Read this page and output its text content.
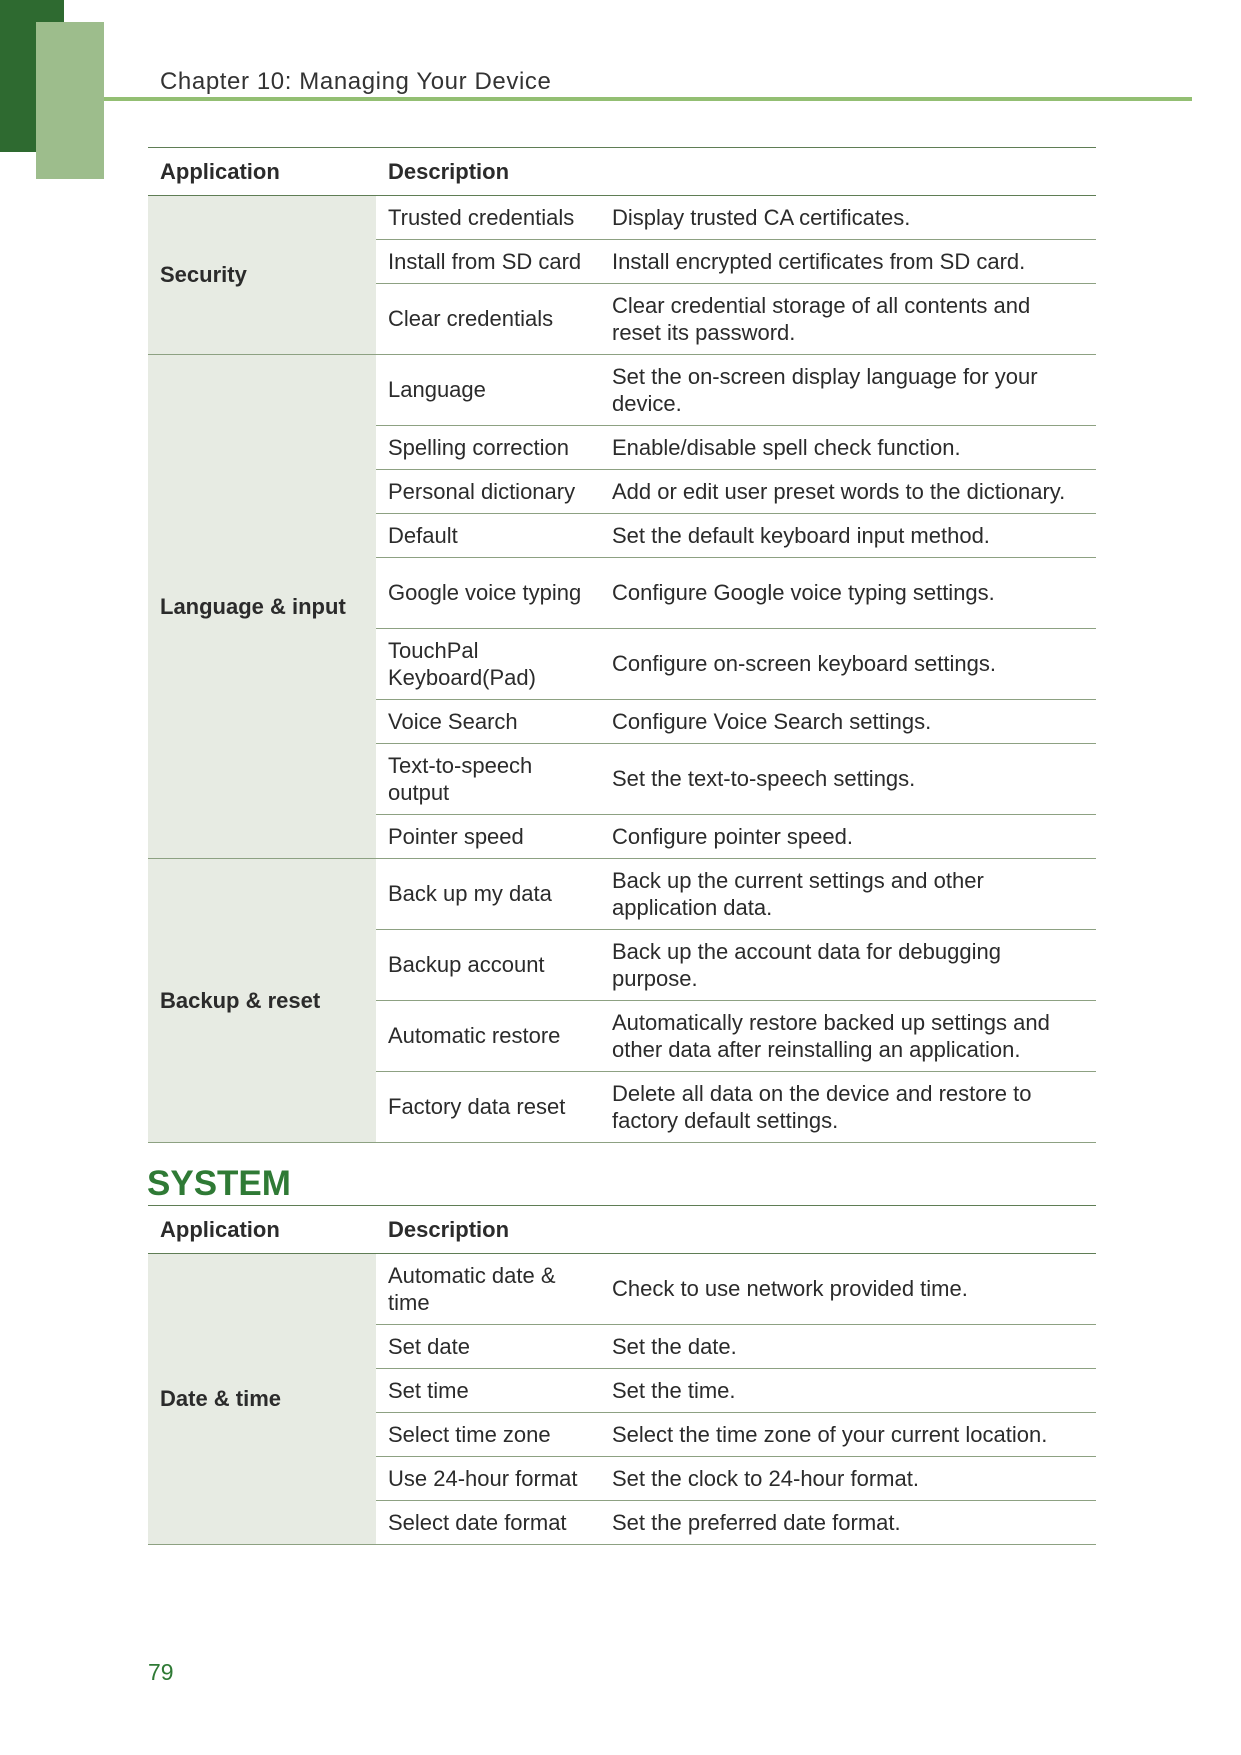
Chapter 10: Managing Your Device
Application	Description	
Security	Trusted credentials	Display trusted CA certificates.
	Install from SD card	Install encrypted certificates from SD card.
	Clear credentials	Clear credential storage of all contents and reset its password.
Language & input	Language	Set the on-screen display language for your device.
	Spelling correction	Enable/disable spell check function.
	Personal dictionary	Add or edit user preset words to the dictionary.
	Default	Set the default keyboard input method.
	Google voice typing	Configure Google voice typing settings.
	TouchPal Keyboard(Pad)	Configure on-screen keyboard settings.
	Voice Search	Configure Voice Search settings.
	Text-to-speech output	Set the text-to-speech settings.
	Pointer speed	Configure pointer speed.
Backup & reset	Back up my data	Back up the current settings and other application data.
	Backup account	Back up the account data for debugging purpose.
	Automatic restore	Automatically restore backed up settings and other data after reinstalling an application.
	Factory data reset	Delete all data on the device and restore to factory default settings.
SYSTEM
Application	Description	
Date & time	Automatic date & time	Check to use network provided time.
	Set date	Set the date.
	Set time	Set the time.
	Select time zone	Select the time zone of your current location.
	Use 24-hour format	Set the clock to 24-hour format.
	Select date format	Set the preferred date format.
79
